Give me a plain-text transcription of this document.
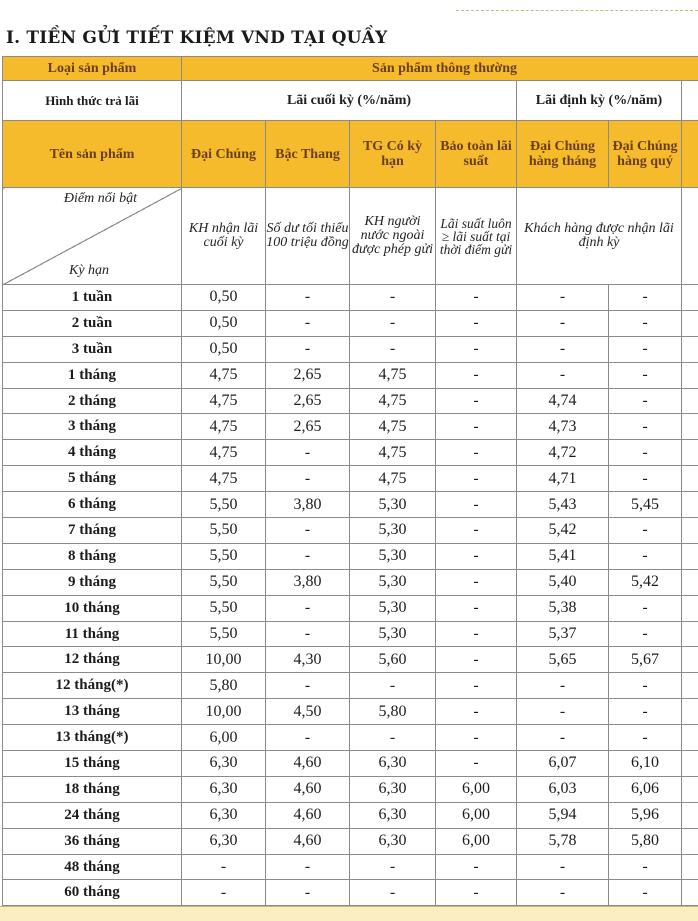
I. TIỀN GỬI TIẾT KIỆM VND TẠI QUẦY
Loại sản phẩm	Sản phẩm thông thường						
Hình thức trả lãi	Lãi cuối kỳ (%/năm)				Lãi định kỳ (%/năm)		
Tên sản phẩm	Đại Chúng	Bậc Thang	TG Có kỳ hạn	Bảo toàn lãi suất	Đại Chúng hàng tháng	Đại Chúng hàng quý	

Điểm nổi bật
Kỳ hạn	KH nhận lãi cuối kỳ	Số dư tối thiểu 100 triệu đồng	KH người nước ngoài được phép gửi	Lãi suất luôn ≥ lãi suất tại thời điểm gửi	Khách hàng được nhận lãi định kỳ		
1 tuần	0,50	-	-	-	-	-	
2 tuần	0,50	-	-	-	-	-	
3 tuần	0,50	-	-	-	-	-	
1 tháng	4,75	2,65	4,75	-	-	-	
2 tháng	4,75	2,65	4,75	-	4,74	-	
3 tháng	4,75	2,65	4,75	-	4,73	-	
4 tháng	4,75	-	4,75	-	4,72	-	
5 tháng	4,75	-	4,75	-	4,71	-	
6 tháng	5,50	3,80	5,30	-	5,43	5,45	
7 tháng	5,50	-	5,30	-	5,42	-	
8 tháng	5,50	-	5,30	-	5,41	-	
9 tháng	5,50	3,80	5,30	-	5,40	5,42	
10 tháng	5,50	-	5,30	-	5,38	-	
11 tháng	5,50	-	5,30	-	5,37	-	
12 tháng	10,00	4,30	5,60	-	5,65	5,67	
12 tháng(*)	5,80	-	-	-	-	-	
13 tháng	10,00	4,50	5,80	-	-	-	
13 tháng(*)	6,00	-	-	-	-	-	
15 tháng	6,30	4,60	6,30	-	6,07	6,10	
18 tháng	6,30	4,60	6,30	6,00	6,03	6,06	
24 tháng	6,30	4,60	6,30	6,00	5,94	5,96	
36 tháng	6,30	4,60	6,30	6,00	5,78	5,80	
48 tháng	-	-	-	-	-	-	
60 tháng	-	-	-	-	-	-	
